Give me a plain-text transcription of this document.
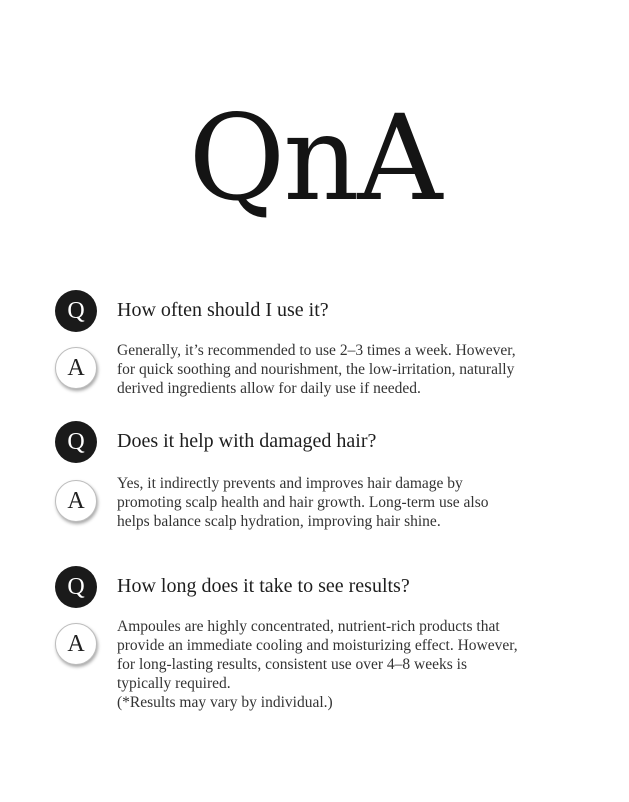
QnA
Q	How often should I use it?
A
Generally, it’s recommended to use 2–3 times a week. However,
for quick soothing and nourishment, the low-irritation, naturally
derived ingredients allow for daily use if needed.
Q	Does it help with damaged hair?
A
Yes, it indirectly prevents and improves hair damage by
promoting scalp health and hair growth. Long-term use also
helps balance scalp hydration, improving hair shine.
Q	How long does it take to see results?
A
Ampoules are highly concentrated, nutrient-rich products that
provide an immediate cooling and moisturizing effect. However,
for long-lasting results, consistent use over 4–8 weeks is
typically required.
(*Results may vary by individual.)
